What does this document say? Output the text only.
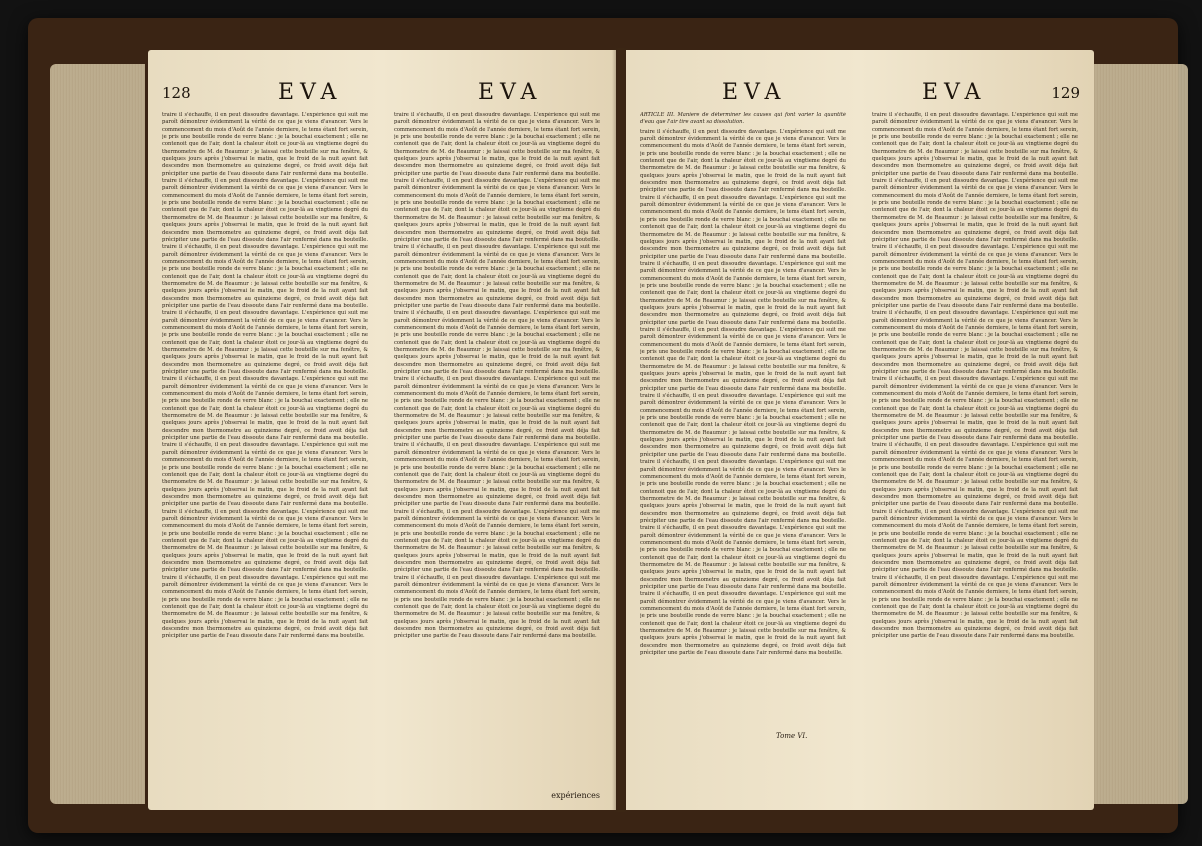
128	EVA	EVA

traire il s'échauffe, il en peut dissoudre davantage. L'expérience qui suit me paroît démontrer évidemment la vérité de ce que je viens d'avancer. Vers le commencement du mois d'Août de l'année derniere, le tems étant fort serein, je pris une bouteille ronde de verre blanc : je la bouchai exactement ; elle ne contenoit que de l'air, dont la chaleur étoit ce jour-là au vingtieme degré du thermometre de M. de Reaumur : je laissai cette bouteille sur ma fenêtre, & quelques jours après j'observai le matin, que le froid de la nuit ayant fait descendre mon thermometre au quinzieme degré, ce froid avoit déja fait précipiter une partie de l'eau dissoute dans l'air renfermé dans ma bouteille. traire il s'échauffe, il en peut dissoudre davantage. L'expérience qui suit me paroît démontrer évidemment la vérité de ce que je viens d'avancer. Vers le commencement du mois d'Août de l'année derniere, le tems étant fort serein, je pris une bouteille ronde de verre blanc : je la bouchai exactement ; elle ne contenoit que de l'air, dont la chaleur étoit ce jour-là au vingtieme degré du thermometre de M. de Reaumur : je laissai cette bouteille sur ma fenêtre, & quelques jours après j'observai le matin, que le froid de la nuit ayant fait descendre mon thermometre au quinzieme degré, ce froid avoit déja fait précipiter une partie de l'eau dissoute dans l'air renfermé dans ma bouteille. traire il s'échauffe, il en peut dissoudre davantage. L'expérience qui suit me paroît démontrer évidemment la vérité de ce que je viens d'avancer. Vers le commencement du mois d'Août de l'année derniere, le tems étant fort serein, je pris une bouteille ronde de verre blanc : je la bouchai exactement ; elle ne contenoit que de l'air, dont la chaleur étoit ce jour-là au vingtieme degré du thermometre de M. de Reaumur : je laissai cette bouteille sur ma fenêtre, & quelques jours après j'observai le matin, que le froid de la nuit ayant fait descendre mon thermometre au quinzieme degré, ce froid avoit déja fait précipiter une partie de l'eau dissoute dans l'air renfermé dans ma bouteille. traire il s'échauffe, il en peut dissoudre davantage. L'expérience qui suit me paroît démontrer évidemment la vérité de ce que je viens d'avancer. Vers le commencement du mois d'Août de l'année derniere, le tems étant fort serein, je pris une bouteille ronde de verre blanc : je la bouchai exactement ; elle ne contenoit que de l'air, dont la chaleur étoit ce jour-là au vingtieme degré du thermometre de M. de Reaumur : je laissai cette bouteille sur ma fenêtre, & quelques jours après j'observai le matin, que le froid de la nuit ayant fait descendre mon thermometre au quinzieme degré, ce froid avoit déja fait précipiter une partie de l'eau dissoute dans l'air renfermé dans ma bouteille. traire il s'échauffe, il en peut dissoudre davantage. L'expérience qui suit me paroît démontrer évidemment la vérité de ce que je viens d'avancer. Vers le commencement du mois d'Août de l'année derniere, le tems étant fort serein, je pris une bouteille ronde de verre blanc : je la bouchai exactement ; elle ne contenoit que de l'air, dont la chaleur étoit ce jour-là au vingtieme degré du thermometre de M. de Reaumur : je laissai cette bouteille sur ma fenêtre, & quelques jours après j'observai le matin, que le froid de la nuit ayant fait descendre mon thermometre au quinzieme degré, ce froid avoit déja fait précipiter une partie de l'eau dissoute dans l'air renfermé dans ma bouteille. traire il s'échauffe, il en peut dissoudre davantage. L'expérience qui suit me paroît démontrer évidemment la vérité de ce que je viens d'avancer. Vers le commencement du mois d'Août de l'année derniere, le tems étant fort serein, je pris une bouteille ronde de verre blanc : je la bouchai exactement ; elle ne contenoit que de l'air, dont la chaleur étoit ce jour-là au vingtieme degré du thermometre de M. de Reaumur : je laissai cette bouteille sur ma fenêtre, & quelques jours après j'observai le matin, que le froid de la nuit ayant fait descendre mon thermometre au quinzieme degré, ce froid avoit déja fait précipiter une partie de l'eau dissoute dans l'air renfermé dans ma bouteille. traire il s'échauffe, il en peut dissoudre davantage. L'expérience qui suit me paroît démontrer évidemment la vérité de ce que je viens d'avancer. Vers le commencement du mois d'Août de l'année derniere, le tems étant fort serein, je pris une bouteille ronde de verre blanc : je la bouchai exactement ; elle ne contenoit que de l'air, dont la chaleur étoit ce jour-là au vingtieme degré du thermometre de M. de Reaumur : je laissai cette bouteille sur ma fenêtre, & quelques jours après j'observai le matin, que le froid de la nuit ayant fait descendre mon thermometre au quinzieme degré, ce froid avoit déja fait précipiter une partie de l'eau dissoute dans l'air renfermé dans ma bouteille. traire il s'échauffe, il en peut dissoudre davantage. L'expérience qui suit me paroît démontrer évidemment la vérité de ce que je viens d'avancer. Vers le commencement du mois d'Août de l'année derniere, le tems étant fort serein, je pris une bouteille ronde de verre blanc : je la bouchai exactement ; elle ne contenoit que de l'air, dont la chaleur étoit ce jour-là au vingtieme degré du thermometre de M. de Reaumur : je laissai cette bouteille sur ma fenêtre, & quelques jours après j'observai le matin, que le froid de la nuit ayant fait descendre mon thermometre au quinzieme degré, ce froid avoit déja fait précipiter une partie de l'eau dissoute dans l'air renfermé dans ma bouteille.

traire il s'échauffe, il en peut dissoudre davantage. L'expérience qui suit me paroît démontrer évidemment la vérité de ce que je viens d'avancer. Vers le commencement du mois d'Août de l'année derniere, le tems étant fort serein, je pris une bouteille ronde de verre blanc : je la bouchai exactement ; elle ne contenoit que de l'air, dont la chaleur étoit ce jour-là au vingtieme degré du thermometre de M. de Reaumur : je laissai cette bouteille sur ma fenêtre, & quelques jours après j'observai le matin, que le froid de la nuit ayant fait descendre mon thermometre au quinzieme degré, ce froid avoit déja fait précipiter une partie de l'eau dissoute dans l'air renfermé dans ma bouteille. traire il s'échauffe, il en peut dissoudre davantage. L'expérience qui suit me paroît démontrer évidemment la vérité de ce que je viens d'avancer. Vers le commencement du mois d'Août de l'année derniere, le tems étant fort serein, je pris une bouteille ronde de verre blanc : je la bouchai exactement ; elle ne contenoit que de l'air, dont la chaleur étoit ce jour-là au vingtieme degré du thermometre de M. de Reaumur : je laissai cette bouteille sur ma fenêtre, & quelques jours après j'observai le matin, que le froid de la nuit ayant fait descendre mon thermometre au quinzieme degré, ce froid avoit déja fait précipiter une partie de l'eau dissoute dans l'air renfermé dans ma bouteille. traire il s'échauffe, il en peut dissoudre davantage. L'expérience qui suit me paroît démontrer évidemment la vérité de ce que je viens d'avancer. Vers le commencement du mois d'Août de l'année derniere, le tems étant fort serein, je pris une bouteille ronde de verre blanc : je la bouchai exactement ; elle ne contenoit que de l'air, dont la chaleur étoit ce jour-là au vingtieme degré du thermometre de M. de Reaumur : je laissai cette bouteille sur ma fenêtre, & quelques jours après j'observai le matin, que le froid de la nuit ayant fait descendre mon thermometre au quinzieme degré, ce froid avoit déja fait précipiter une partie de l'eau dissoute dans l'air renfermé dans ma bouteille. traire il s'échauffe, il en peut dissoudre davantage. L'expérience qui suit me paroît démontrer évidemment la vérité de ce que je viens d'avancer. Vers le commencement du mois d'Août de l'année derniere, le tems étant fort serein, je pris une bouteille ronde de verre blanc : je la bouchai exactement ; elle ne contenoit que de l'air, dont la chaleur étoit ce jour-là au vingtieme degré du thermometre de M. de Reaumur : je laissai cette bouteille sur ma fenêtre, & quelques jours après j'observai le matin, que le froid de la nuit ayant fait descendre mon thermometre au quinzieme degré, ce froid avoit déja fait précipiter une partie de l'eau dissoute dans l'air renfermé dans ma bouteille. traire il s'échauffe, il en peut dissoudre davantage. L'expérience qui suit me paroît démontrer évidemment la vérité de ce que je viens d'avancer. Vers le commencement du mois d'Août de l'année derniere, le tems étant fort serein, je pris une bouteille ronde de verre blanc : je la bouchai exactement ; elle ne contenoit que de l'air, dont la chaleur étoit ce jour-là au vingtieme degré du thermometre de M. de Reaumur : je laissai cette bouteille sur ma fenêtre, & quelques jours après j'observai le matin, que le froid de la nuit ayant fait descendre mon thermometre au quinzieme degré, ce froid avoit déja fait précipiter une partie de l'eau dissoute dans l'air renfermé dans ma bouteille. traire il s'échauffe, il en peut dissoudre davantage. L'expérience qui suit me paroît démontrer évidemment la vérité de ce que je viens d'avancer. Vers le commencement du mois d'Août de l'année derniere, le tems étant fort serein, je pris une bouteille ronde de verre blanc : je la bouchai exactement ; elle ne contenoit que de l'air, dont la chaleur étoit ce jour-là au vingtieme degré du thermometre de M. de Reaumur : je laissai cette bouteille sur ma fenêtre, & quelques jours après j'observai le matin, que le froid de la nuit ayant fait descendre mon thermometre au quinzieme degré, ce froid avoit déja fait précipiter une partie de l'eau dissoute dans l'air renfermé dans ma bouteille. traire il s'échauffe, il en peut dissoudre davantage. L'expérience qui suit me paroît démontrer évidemment la vérité de ce que je viens d'avancer. Vers le commencement du mois d'Août de l'année derniere, le tems étant fort serein, je pris une bouteille ronde de verre blanc : je la bouchai exactement ; elle ne contenoit que de l'air, dont la chaleur étoit ce jour-là au vingtieme degré du thermometre de M. de Reaumur : je laissai cette bouteille sur ma fenêtre, & quelques jours après j'observai le matin, que le froid de la nuit ayant fait descendre mon thermometre au quinzieme degré, ce froid avoit déja fait précipiter une partie de l'eau dissoute dans l'air renfermé dans ma bouteille. traire il s'échauffe, il en peut dissoudre davantage. L'expérience qui suit me paroît démontrer évidemment la vérité de ce que je viens d'avancer. Vers le commencement du mois d'Août de l'année derniere, le tems étant fort serein, je pris une bouteille ronde de verre blanc : je la bouchai exactement ; elle ne contenoit que de l'air, dont la chaleur étoit ce jour-là au vingtieme degré du thermometre de M. de Reaumur : je laissai cette bouteille sur ma fenêtre, & quelques jours après j'observai le matin, que le froid de la nuit ayant fait descendre mon thermometre au quinzieme degré, ce froid avoit déja fait précipiter une partie de l'eau dissoute dans l'air renfermé dans ma bouteille.

expériences
EVA	EVA	129

ARTICLE III. Maniere de déterminer les causes qui font varier la quantité d'eau que l'air tire avant sa dissolution.

traire il s'échauffe, il en peut dissoudre davantage. L'expérience qui suit me paroît démontrer évidemment la vérité de ce que je viens d'avancer. Vers le commencement du mois d'Août de l'année derniere, le tems étant fort serein, je pris une bouteille ronde de verre blanc : je la bouchai exactement ; elle ne contenoit que de l'air, dont la chaleur étoit ce jour-là au vingtieme degré du thermometre de M. de Reaumur : je laissai cette bouteille sur ma fenêtre, & quelques jours après j'observai le matin, que le froid de la nuit ayant fait descendre mon thermometre au quinzieme degré, ce froid avoit déja fait précipiter une partie de l'eau dissoute dans l'air renfermé dans ma bouteille. traire il s'échauffe, il en peut dissoudre davantage. L'expérience qui suit me paroît démontrer évidemment la vérité de ce que je viens d'avancer. Vers le commencement du mois d'Août de l'année derniere, le tems étant fort serein, je pris une bouteille ronde de verre blanc : je la bouchai exactement ; elle ne contenoit que de l'air, dont la chaleur étoit ce jour-là au vingtieme degré du thermometre de M. de Reaumur : je laissai cette bouteille sur ma fenêtre, & quelques jours après j'observai le matin, que le froid de la nuit ayant fait descendre mon thermometre au quinzieme degré, ce froid avoit déja fait précipiter une partie de l'eau dissoute dans l'air renfermé dans ma bouteille. traire il s'échauffe, il en peut dissoudre davantage. L'expérience qui suit me paroît démontrer évidemment la vérité de ce que je viens d'avancer. Vers le commencement du mois d'Août de l'année derniere, le tems étant fort serein, je pris une bouteille ronde de verre blanc : je la bouchai exactement ; elle ne contenoit que de l'air, dont la chaleur étoit ce jour-là au vingtieme degré du thermometre de M. de Reaumur : je laissai cette bouteille sur ma fenêtre, & quelques jours après j'observai le matin, que le froid de la nuit ayant fait descendre mon thermometre au quinzieme degré, ce froid avoit déja fait précipiter une partie de l'eau dissoute dans l'air renfermé dans ma bouteille. traire il s'échauffe, il en peut dissoudre davantage. L'expérience qui suit me paroît démontrer évidemment la vérité de ce que je viens d'avancer. Vers le commencement du mois d'Août de l'année derniere, le tems étant fort serein, je pris une bouteille ronde de verre blanc : je la bouchai exactement ; elle ne contenoit que de l'air, dont la chaleur étoit ce jour-là au vingtieme degré du thermometre de M. de Reaumur : je laissai cette bouteille sur ma fenêtre, & quelques jours après j'observai le matin, que le froid de la nuit ayant fait descendre mon thermometre au quinzieme degré, ce froid avoit déja fait précipiter une partie de l'eau dissoute dans l'air renfermé dans ma bouteille. traire il s'échauffe, il en peut dissoudre davantage. L'expérience qui suit me paroît démontrer évidemment la vérité de ce que je viens d'avancer. Vers le commencement du mois d'Août de l'année derniere, le tems étant fort serein, je pris une bouteille ronde de verre blanc : je la bouchai exactement ; elle ne contenoit que de l'air, dont la chaleur étoit ce jour-là au vingtieme degré du thermometre de M. de Reaumur : je laissai cette bouteille sur ma fenêtre, & quelques jours après j'observai le matin, que le froid de la nuit ayant fait descendre mon thermometre au quinzieme degré, ce froid avoit déja fait précipiter une partie de l'eau dissoute dans l'air renfermé dans ma bouteille. traire il s'échauffe, il en peut dissoudre davantage. L'expérience qui suit me paroît démontrer évidemment la vérité de ce que je viens d'avancer. Vers le commencement du mois d'Août de l'année derniere, le tems étant fort serein, je pris une bouteille ronde de verre blanc : je la bouchai exactement ; elle ne contenoit que de l'air, dont la chaleur étoit ce jour-là au vingtieme degré du thermometre de M. de Reaumur : je laissai cette bouteille sur ma fenêtre, & quelques jours après j'observai le matin, que le froid de la nuit ayant fait descendre mon thermometre au quinzieme degré, ce froid avoit déja fait précipiter une partie de l'eau dissoute dans l'air renfermé dans ma bouteille. traire il s'échauffe, il en peut dissoudre davantage. L'expérience qui suit me paroît démontrer évidemment la vérité de ce que je viens d'avancer. Vers le commencement du mois d'Août de l'année derniere, le tems étant fort serein, je pris une bouteille ronde de verre blanc : je la bouchai exactement ; elle ne contenoit que de l'air, dont la chaleur étoit ce jour-là au vingtieme degré du thermometre de M. de Reaumur : je laissai cette bouteille sur ma fenêtre, & quelques jours après j'observai le matin, que le froid de la nuit ayant fait descendre mon thermometre au quinzieme degré, ce froid avoit déja fait précipiter une partie de l'eau dissoute dans l'air renfermé dans ma bouteille. traire il s'échauffe, il en peut dissoudre davantage. L'expérience qui suit me paroît démontrer évidemment la vérité de ce que je viens d'avancer. Vers le commencement du mois d'Août de l'année derniere, le tems étant fort serein, je pris une bouteille ronde de verre blanc : je la bouchai exactement ; elle ne contenoit que de l'air, dont la chaleur étoit ce jour-là au vingtieme degré du thermometre de M. de Reaumur : je laissai cette bouteille sur ma fenêtre, & quelques jours après j'observai le matin, que le froid de la nuit ayant fait descendre mon thermometre au quinzieme degré, ce froid avoit déja fait précipiter une partie de l'eau dissoute dans l'air renfermé dans ma bouteille.

traire il s'échauffe, il en peut dissoudre davantage. L'expérience qui suit me paroît démontrer évidemment la vérité de ce que je viens d'avancer. Vers le commencement du mois d'Août de l'année derniere, le tems étant fort serein, je pris une bouteille ronde de verre blanc : je la bouchai exactement ; elle ne contenoit que de l'air, dont la chaleur étoit ce jour-là au vingtieme degré du thermometre de M. de Reaumur : je laissai cette bouteille sur ma fenêtre, & quelques jours après j'observai le matin, que le froid de la nuit ayant fait descendre mon thermometre au quinzieme degré, ce froid avoit déja fait précipiter une partie de l'eau dissoute dans l'air renfermé dans ma bouteille. traire il s'échauffe, il en peut dissoudre davantage. L'expérience qui suit me paroît démontrer évidemment la vérité de ce que je viens d'avancer. Vers le commencement du mois d'Août de l'année derniere, le tems étant fort serein, je pris une bouteille ronde de verre blanc : je la bouchai exactement ; elle ne contenoit que de l'air, dont la chaleur étoit ce jour-là au vingtieme degré du thermometre de M. de Reaumur : je laissai cette bouteille sur ma fenêtre, & quelques jours après j'observai le matin, que le froid de la nuit ayant fait descendre mon thermometre au quinzieme degré, ce froid avoit déja fait précipiter une partie de l'eau dissoute dans l'air renfermé dans ma bouteille. traire il s'échauffe, il en peut dissoudre davantage. L'expérience qui suit me paroît démontrer évidemment la vérité de ce que je viens d'avancer. Vers le commencement du mois d'Août de l'année derniere, le tems étant fort serein, je pris une bouteille ronde de verre blanc : je la bouchai exactement ; elle ne contenoit que de l'air, dont la chaleur étoit ce jour-là au vingtieme degré du thermometre de M. de Reaumur : je laissai cette bouteille sur ma fenêtre, & quelques jours après j'observai le matin, que le froid de la nuit ayant fait descendre mon thermometre au quinzieme degré, ce froid avoit déja fait précipiter une partie de l'eau dissoute dans l'air renfermé dans ma bouteille. traire il s'échauffe, il en peut dissoudre davantage. L'expérience qui suit me paroît démontrer évidemment la vérité de ce que je viens d'avancer. Vers le commencement du mois d'Août de l'année derniere, le tems étant fort serein, je pris une bouteille ronde de verre blanc : je la bouchai exactement ; elle ne contenoit que de l'air, dont la chaleur étoit ce jour-là au vingtieme degré du thermometre de M. de Reaumur : je laissai cette bouteille sur ma fenêtre, & quelques jours après j'observai le matin, que le froid de la nuit ayant fait descendre mon thermometre au quinzieme degré, ce froid avoit déja fait précipiter une partie de l'eau dissoute dans l'air renfermé dans ma bouteille. traire il s'échauffe, il en peut dissoudre davantage. L'expérience qui suit me paroît démontrer évidemment la vérité de ce que je viens d'avancer. Vers le commencement du mois d'Août de l'année derniere, le tems étant fort serein, je pris une bouteille ronde de verre blanc : je la bouchai exactement ; elle ne contenoit que de l'air, dont la chaleur étoit ce jour-là au vingtieme degré du thermometre de M. de Reaumur : je laissai cette bouteille sur ma fenêtre, & quelques jours après j'observai le matin, que le froid de la nuit ayant fait descendre mon thermometre au quinzieme degré, ce froid avoit déja fait précipiter une partie de l'eau dissoute dans l'air renfermé dans ma bouteille. traire il s'échauffe, il en peut dissoudre davantage. L'expérience qui suit me paroît démontrer évidemment la vérité de ce que je viens d'avancer. Vers le commencement du mois d'Août de l'année derniere, le tems étant fort serein, je pris une bouteille ronde de verre blanc : je la bouchai exactement ; elle ne contenoit que de l'air, dont la chaleur étoit ce jour-là au vingtieme degré du thermometre de M. de Reaumur : je laissai cette bouteille sur ma fenêtre, & quelques jours après j'observai le matin, que le froid de la nuit ayant fait descendre mon thermometre au quinzieme degré, ce froid avoit déja fait précipiter une partie de l'eau dissoute dans l'air renfermé dans ma bouteille. traire il s'échauffe, il en peut dissoudre davantage. L'expérience qui suit me paroît démontrer évidemment la vérité de ce que je viens d'avancer. Vers le commencement du mois d'Août de l'année derniere, le tems étant fort serein, je pris une bouteille ronde de verre blanc : je la bouchai exactement ; elle ne contenoit que de l'air, dont la chaleur étoit ce jour-là au vingtieme degré du thermometre de M. de Reaumur : je laissai cette bouteille sur ma fenêtre, & quelques jours après j'observai le matin, que le froid de la nuit ayant fait descendre mon thermometre au quinzieme degré, ce froid avoit déja fait précipiter une partie de l'eau dissoute dans l'air renfermé dans ma bouteille. traire il s'échauffe, il en peut dissoudre davantage. L'expérience qui suit me paroît démontrer évidemment la vérité de ce que je viens d'avancer. Vers le commencement du mois d'Août de l'année derniere, le tems étant fort serein, je pris une bouteille ronde de verre blanc : je la bouchai exactement ; elle ne contenoit que de l'air, dont la chaleur étoit ce jour-là au vingtieme degré du thermometre de M. de Reaumur : je laissai cette bouteille sur ma fenêtre, & quelques jours après j'observai le matin, que le froid de la nuit ayant fait descendre mon thermometre au quinzieme degré, ce froid avoit déja fait précipiter une partie de l'eau dissoute dans l'air renfermé dans ma bouteille.

Tome VI.
